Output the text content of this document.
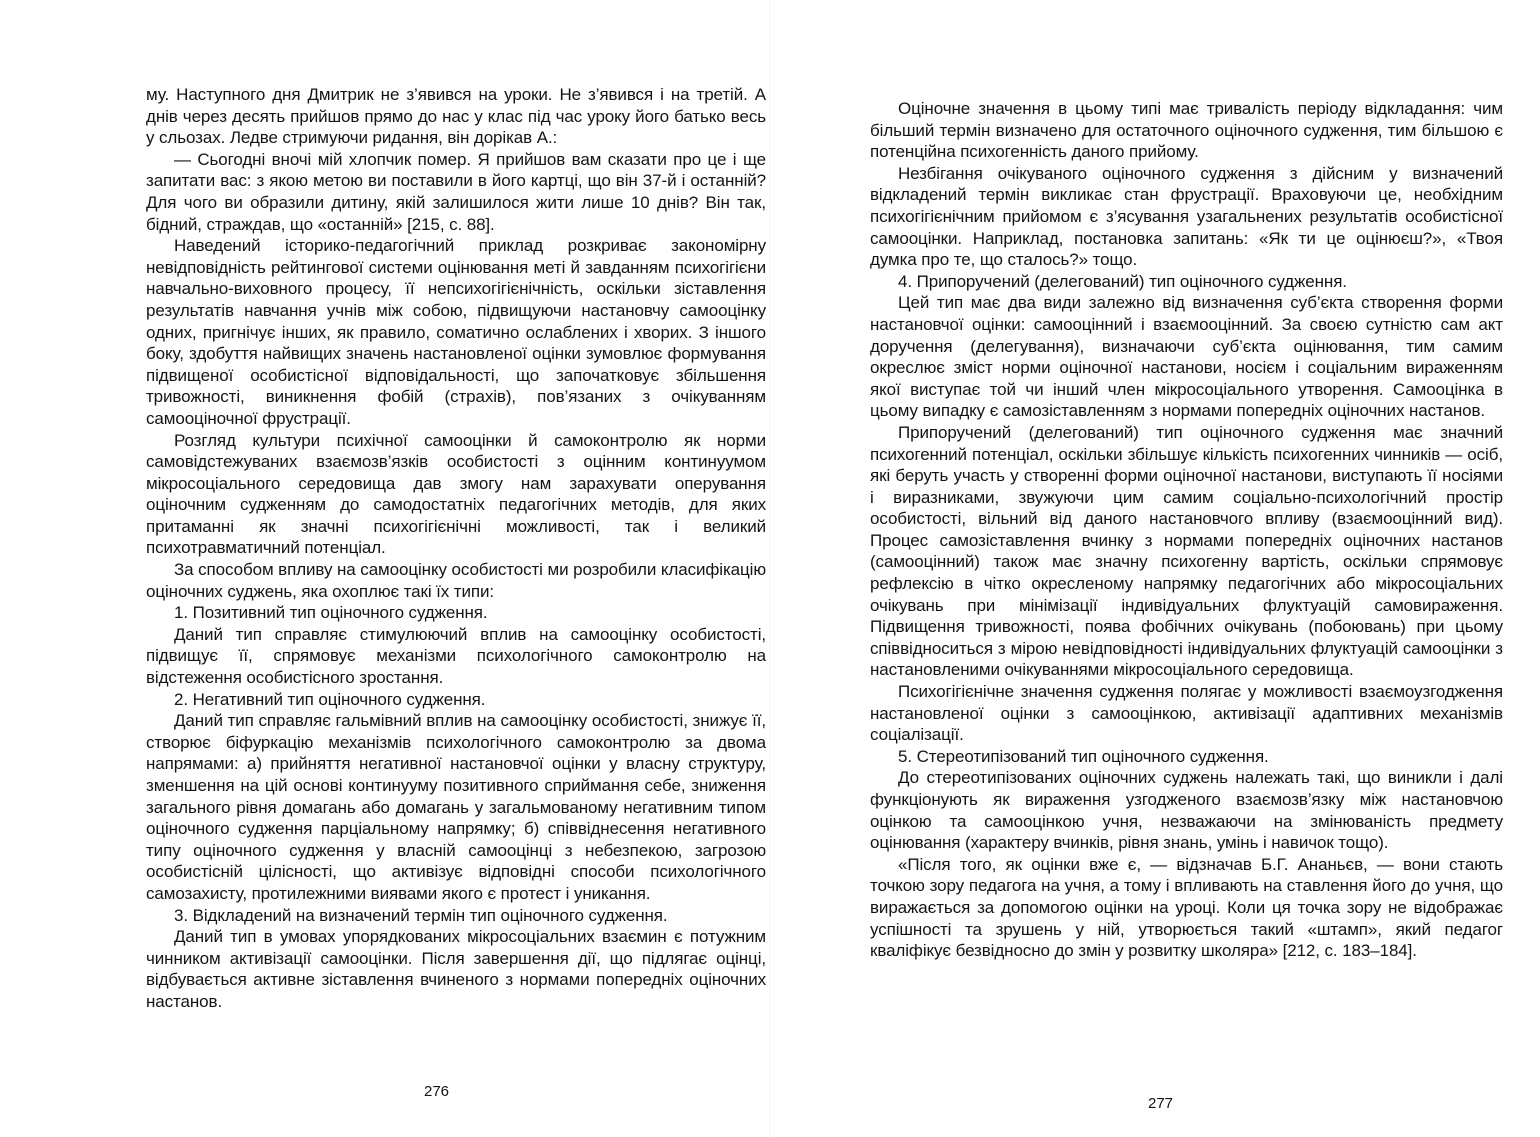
му. Наступного дня Дмитрик не з’явився на уроки. Не з’явився і на третій. А днів через десять прийшов прямо до нас у клас під час уроку його батько весь у сльозах. Ледве стримуючи ридання, він дорікав А.:

— Сьогодні вночі мій хлопчик помер. Я прийшов вам сказати про це і ще запитати вас: з якою метою ви поставили в його картці, що він 37-й і останній? Для чого ви образили дитину, якій залишилося жити лише 10 днів? Він так, бідний, страждав, що «останній» [215, с. 88].

Наведений історико-педагогічний приклад розкриває закономірну невідповідність рейтингової системи оцінювання меті й завданням психогігієни навчально-виховного процесу, її непсихогігієнічність, оскільки зіставлення результатів навчання учнів між собою, підвищуючи настановчу самооцінку одних, пригнічує інших, як правило, соматично ослаблених і хворих. З іншого боку, здобуття найвищих значень настановленої оцінки зумовлює формування підвищеної особистісної відповідальності, що започатковує збільшення тривожності, виникнення фобій (страхів), пов’язаних з очікуванням самооціночної фрустрації.

Розгляд культури психічної самооцінки й самоконтролю як норми самовідстежуваних взаємозв’язків особистості з оцінним континуумом мікросоціального середовища дав змогу нам зарахувати оперування оціночним судженням до самодостатніх педагогічних методів, для яких притаманні як значні психогігієнічні можливості, так і великий психотравматичний потенціал.

За способом впливу на самооцінку особистості ми розробили класифікацію оціночних суджень, яка охоплює такі їх типи:

1. Позитивний тип оціночного судження.

Даний тип справляє стимулюючий вплив на самооцінку особистості, підвищує її, спрямовує механізми психологічного самоконтролю на відстеження особистісного зростання.

2. Негативний тип оціночного судження.

Даний тип справляє гальмівний вплив на самооцінку особистості, знижує її, створює біфуркацію механізмів психологічного самоконтролю за двома напрямами: а) прийняття негативної настановчої оцінки у власну структуру, зменшення на цій основі континууму позитивного сприймання себе, зниження загального рівня домагань або домагань у загальмованому негативним типом оціночного судження парціальному напрямку; б) співвіднесення негативного типу оціночного судження у власній самооцінці з небезпекою, загрозою особистісній цілісності, що активізує відповідні способи психологічного самозахисту, протилежними виявами якого є протест і уникання.

3. Відкладений на визначений термін тип оціночного судження.

Даний тип в умовах упорядкованих мікросоціальних взаємин є потужним чинником активізації самооцінки. Після завершення дії, що підлягає оцінці, відбувається активне зіставлення вчиненого з нормами попередніх оціночних настанов.

276

Оціночне значення в цьому типі має тривалість періоду відкладання: чим більший термін визначено для остаточного оціночного судження, тим більшою є потенційна психогенність даного прийому.

Незбігання очікуваного оціночного судження з дійсним у визначений відкладений термін викликає стан фрустрації. Враховуючи це, необхідним психогігієнічним прийомом є з’ясування узагальнених результатів особистісної самооцінки. Наприклад, постановка запитань: «Як ти це оцінюєш?», «Твоя думка про те, що сталось?» тощо.

4. Припоручений (делегований) тип оціночного судження.

Цей тип має два види залежно від визначення суб’єкта створення форми настановчої оцінки: самооцінний і взаємооцінний. За своєю сутністю сам акт доручення (делегування), визначаючи суб’єкта оцінювання, тим самим окреслює зміст норми оціночної настанови, носієм і соціальним вираженням якої виступає той чи інший член мікросоціального утворення. Самооцінка в цьому випадку є самозіставленням з нормами попередніх оціночних настанов.

Припоручений (делегований) тип оціночного судження має значний психогенний потенціал, оскільки збільшує кількість психогенних чинників — осіб, які беруть участь у створенні форми оціночної настанови, виступають її носіями і виразниками, звужуючи цим самим соціально-психологічний простір особистості, вільний від даного настановчого впливу (взаємооцінний вид). Процес самозіставлення вчинку з нормами попередніх оціночних настанов (самооцінний) також має значну психогенну вартість, оскільки спрямовує рефлексію в чітко окресленому напрямку педагогічних або мікросоціальних очікувань при мінімізації індивідуальних флуктуацій самовираження. Підвищення тривожності, поява фобічних очікувань (побоювань) при цьому співвідноситься з мірою невідповідності індивідуальних флуктуацій самооцінки з настановленими очікуваннями мікросоціального середовища.

Психогігієнічне значення судження полягає у можливості взаємоузгодження настановленої оцінки з самооцінкою, активізації адаптивних механізмів соціалізації.

5. Стереотипізований тип оціночного судження.

До стереотипізованих оціночних суджень належать такі, що виникли і далі функціонують як вираження узгодженого взаємозв’язку між настановчою оцінкою та самооцінкою учня, незважаючи на змінюваність предмету оцінювання (характеру вчинків, рівня знань, умінь і навичок тощо).

«Після того, як оцінки вже є, — відзначав Б.Г. Ананьєв, — вони стають точкою зору педагога на учня, а тому і впливають на ставлення його до учня, що виражається за допомогою оцінки на уроці. Коли ця точка зору не відображає успішності та зрушень у ній, утворюється такий «штамп», який педагог кваліфікує безвідносно до змін у розвитку школяра» [212, с. 183–184].

277
